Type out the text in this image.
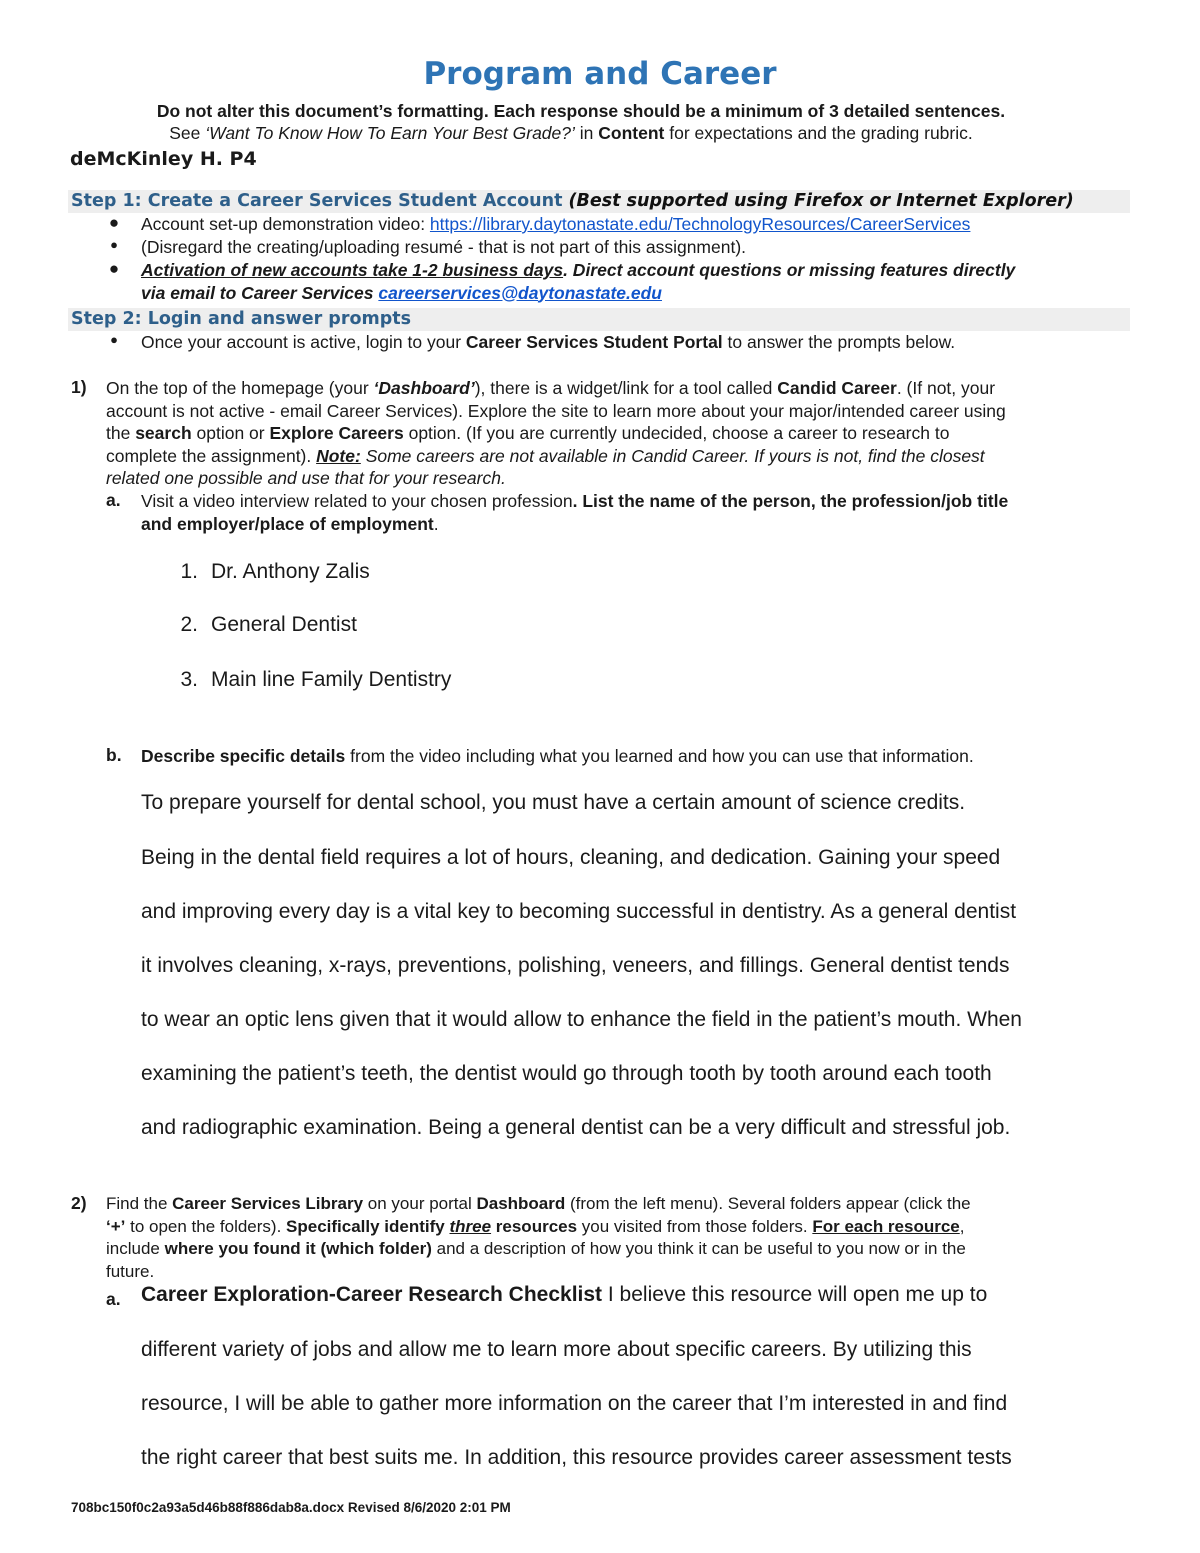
Program and Career
Do not alter this document’s formatting. Each response should be a minimum of 3 detailed sentences.
See ‘Want To Know How To Earn Your Best Grade?’ in Content for expectations and the grading rubric.
deMcKinley H. P4
Step 1: Create a Career Services Student Account (Best supported using Firefox or Internet Explorer)
● Account set-up demonstration video: https://library.daytonastate.edu/TechnologyResources/CareerServices
● (Disregard the creating/uploading resumé - that is not part of this assignment).
● Activation of new accounts take 1-2 business days. Direct account questions or missing features directly
via email to Career Services careerservices@daytonastate.edu
Step 2: Login and answer prompts
● Once your account is active, login to your Career Services Student Portal to answer the prompts below.
1) On the top of the homepage (your ‘Dashboard’), there is a widget/link for a tool called Candid Career. (If not, your
account is not active - email Career Services). Explore the site to learn more about your major/intended career using
the search option or Explore Careers option. (If you are currently undecided, choose a career to research to
complete the assignment). Note: Some careers are not available in Candid Career. If yours is not, find the closest
related one possible and use that for your research.
a. Visit a video interview related to your chosen profession. List the name of the person, the profession/job title
and employer/place of employment.
1. Dr. Anthony Zalis
2. General Dentist
3. Main line Family Dentistry
b. Describe specific details from the video including what you learned and how you can use that information.
To prepare yourself for dental school, you must have a certain amount of science credits.
Being in the dental field requires a lot of hours, cleaning, and dedication. Gaining your speed
and improving every day is a vital key to becoming successful in dentistry. As a general dentist
it involves cleaning, x-rays, preventions, polishing, veneers, and fillings. General dentist tends
to wear an optic lens given that it would allow to enhance the field in the patient’s mouth. When
examining the patient’s teeth, the dentist would go through tooth by tooth around each tooth
and radiographic examination. Being a general dentist can be a very difficult and stressful job.
2) Find the Career Services Library on your portal Dashboard (from the left menu). Several folders appear (click the
‘+’ to open the folders). Specifically identify three resources you visited from those folders. For each resource,
include where you found it (which folder) and a description of how you think it can be useful to you now or in the
future.
a. Career Exploration-Career Research Checklist I believe this resource will open me up to
different variety of jobs and allow me to learn more about specific careers. By utilizing this
resource, I will be able to gather more information on the career that I’m interested in and find
the right career that best suits me. In addition, this resource provides career assessment tests
708bc150f0c2a93a5d46b88f886dab8a.docx Revised 8/6/2020 2:01 PM
